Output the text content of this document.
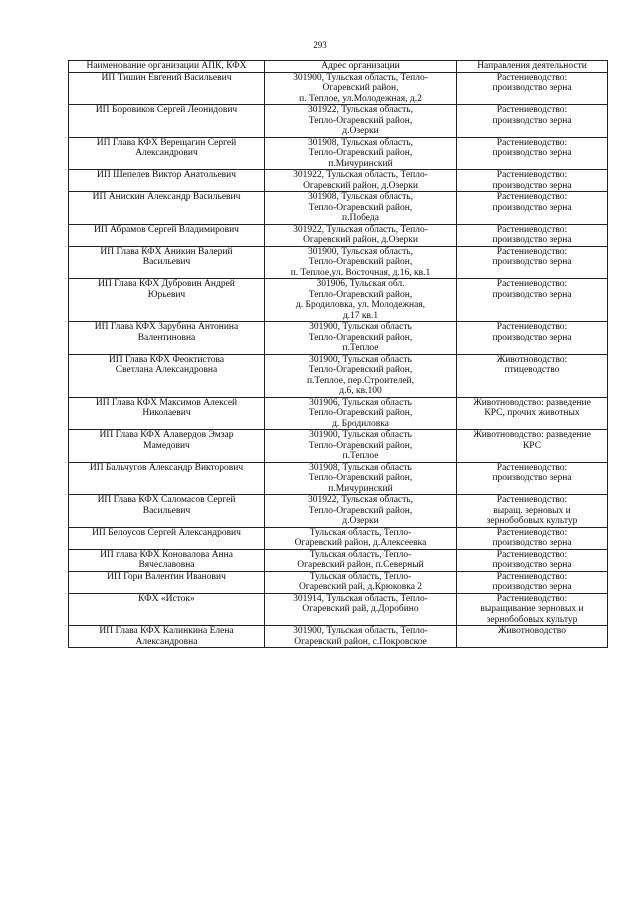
293
Наименование организации АПК, КФХ	Адрес организации	Направления деятельности

ИП Тишин Евгений Васильевич	301900, Тульская область, Тепло-
Огаревский район,
п. Теплое, ул.Молодежная, д.2	Растениеводство:
производство зерна

ИП Боровиков Сергей Леонидович	301922, Тульская область,
Тепло-Огаревский район,
д.Озерки	Растениеводство:
производство зерна

ИП Глава КФХ Верещагин Сергей
Александрович	301908, Тульская область,
Тепло-Огаревский район,
п.Мичуринский	Растениеводство:
производство зерна

ИП Шепелев Виктор Анатольевич	301922, Тульская область, Тепло-
Огаревский район, д.Озерки	Растениеводство:
производство зерна

ИП Анискин Александр Васильевич	301908, Тульская область,
Тепло-Огаревский район,
п.Победа	Растениеводство:
производство зерна

ИП Абрамов Сергей Владимирович	301922, Тульская область, Тепло-
Огаревский район, д.Озерки	Растениеводство:
производство зерна

ИП Глава КФХ Аникин Валерий
Васильевич	301900, Тульская область,
Тепло-Огаревский район,
п. Теплое,ул. Восточная, д.16, кв.1	Растениеводство:
производство зерна

ИП Глава КФХ Дубровин Андрей
Юрьевич	301906, Тульская обл.
Тепло-Огаревский район,
д. Бродиловка, ул. Молодежная,
д.17 кв.1	Растениеводство:
производство зерна

ИП Глава КФХ Зарубина Антонина
Валентиновна	301900, Тульская область
Тепло-Огаревский район,
п.Теплое	Растениеводство:
производство зерна

ИП Глава КФХ Феоктистова
Светлана Александровна	301900, Тульская область
Тепло-Огаревский район,
п.Теплое, пер.Строителей,
д.6, кв.100	Животноводство:
птицеводство

ИП Глава КФХ Максимов Алексей
Николаевич	301906, Тульская область
Тепло-Огаревский район,
д. Бродиловка	Животноводство: разведение
КРС, прочих животных

ИП Глава КФХ Алавердов Эмзар
Мамедович	301900, Тульская область
Тепло-Огаревский район,
п.Теплое	Животноводство: разведение
КРС

ИП Бальчугов Александр Викторович	301908, Тульская область
Тепло-Огаревский район,
п.Мичуринский	Растениеводство:
производство зерна

ИП Глава КФХ Саломасов Сергей
Васильевич	301922, Тульская область,
Тепло-Огаревский район,
д.Озерки	Растениеводство:
выращ. зерновых и
зернобобовых культур

ИП Белоусов Сергей Александрович	Тульская область, Тепло-
Огаревский район, д.Алексеевка	Растениеводство:
производство зерна

ИП глава КФХ Коновалова Анна
Вячеславовна	Тульская область, Тепло-
Огаревский район, п.Северный	Растениеводство:
производство зерна

ИП Гори Валентин Иванович	Тульская область, Тепло-
Огаревский рай, д.Крюковка 2	Растениеводство:
производство зерна

КФХ «Исток»	301914, Тульская область, Тепло-
Огаревский рай, д.Доробино	Растениеводство:
выращивание зерновых и
зернобобовых культур

ИП Глава КФХ Калинкина Елена
Александровна	301900, Тульская область, Тепло-
Огаревский район, с.Покровское	Животноводство
